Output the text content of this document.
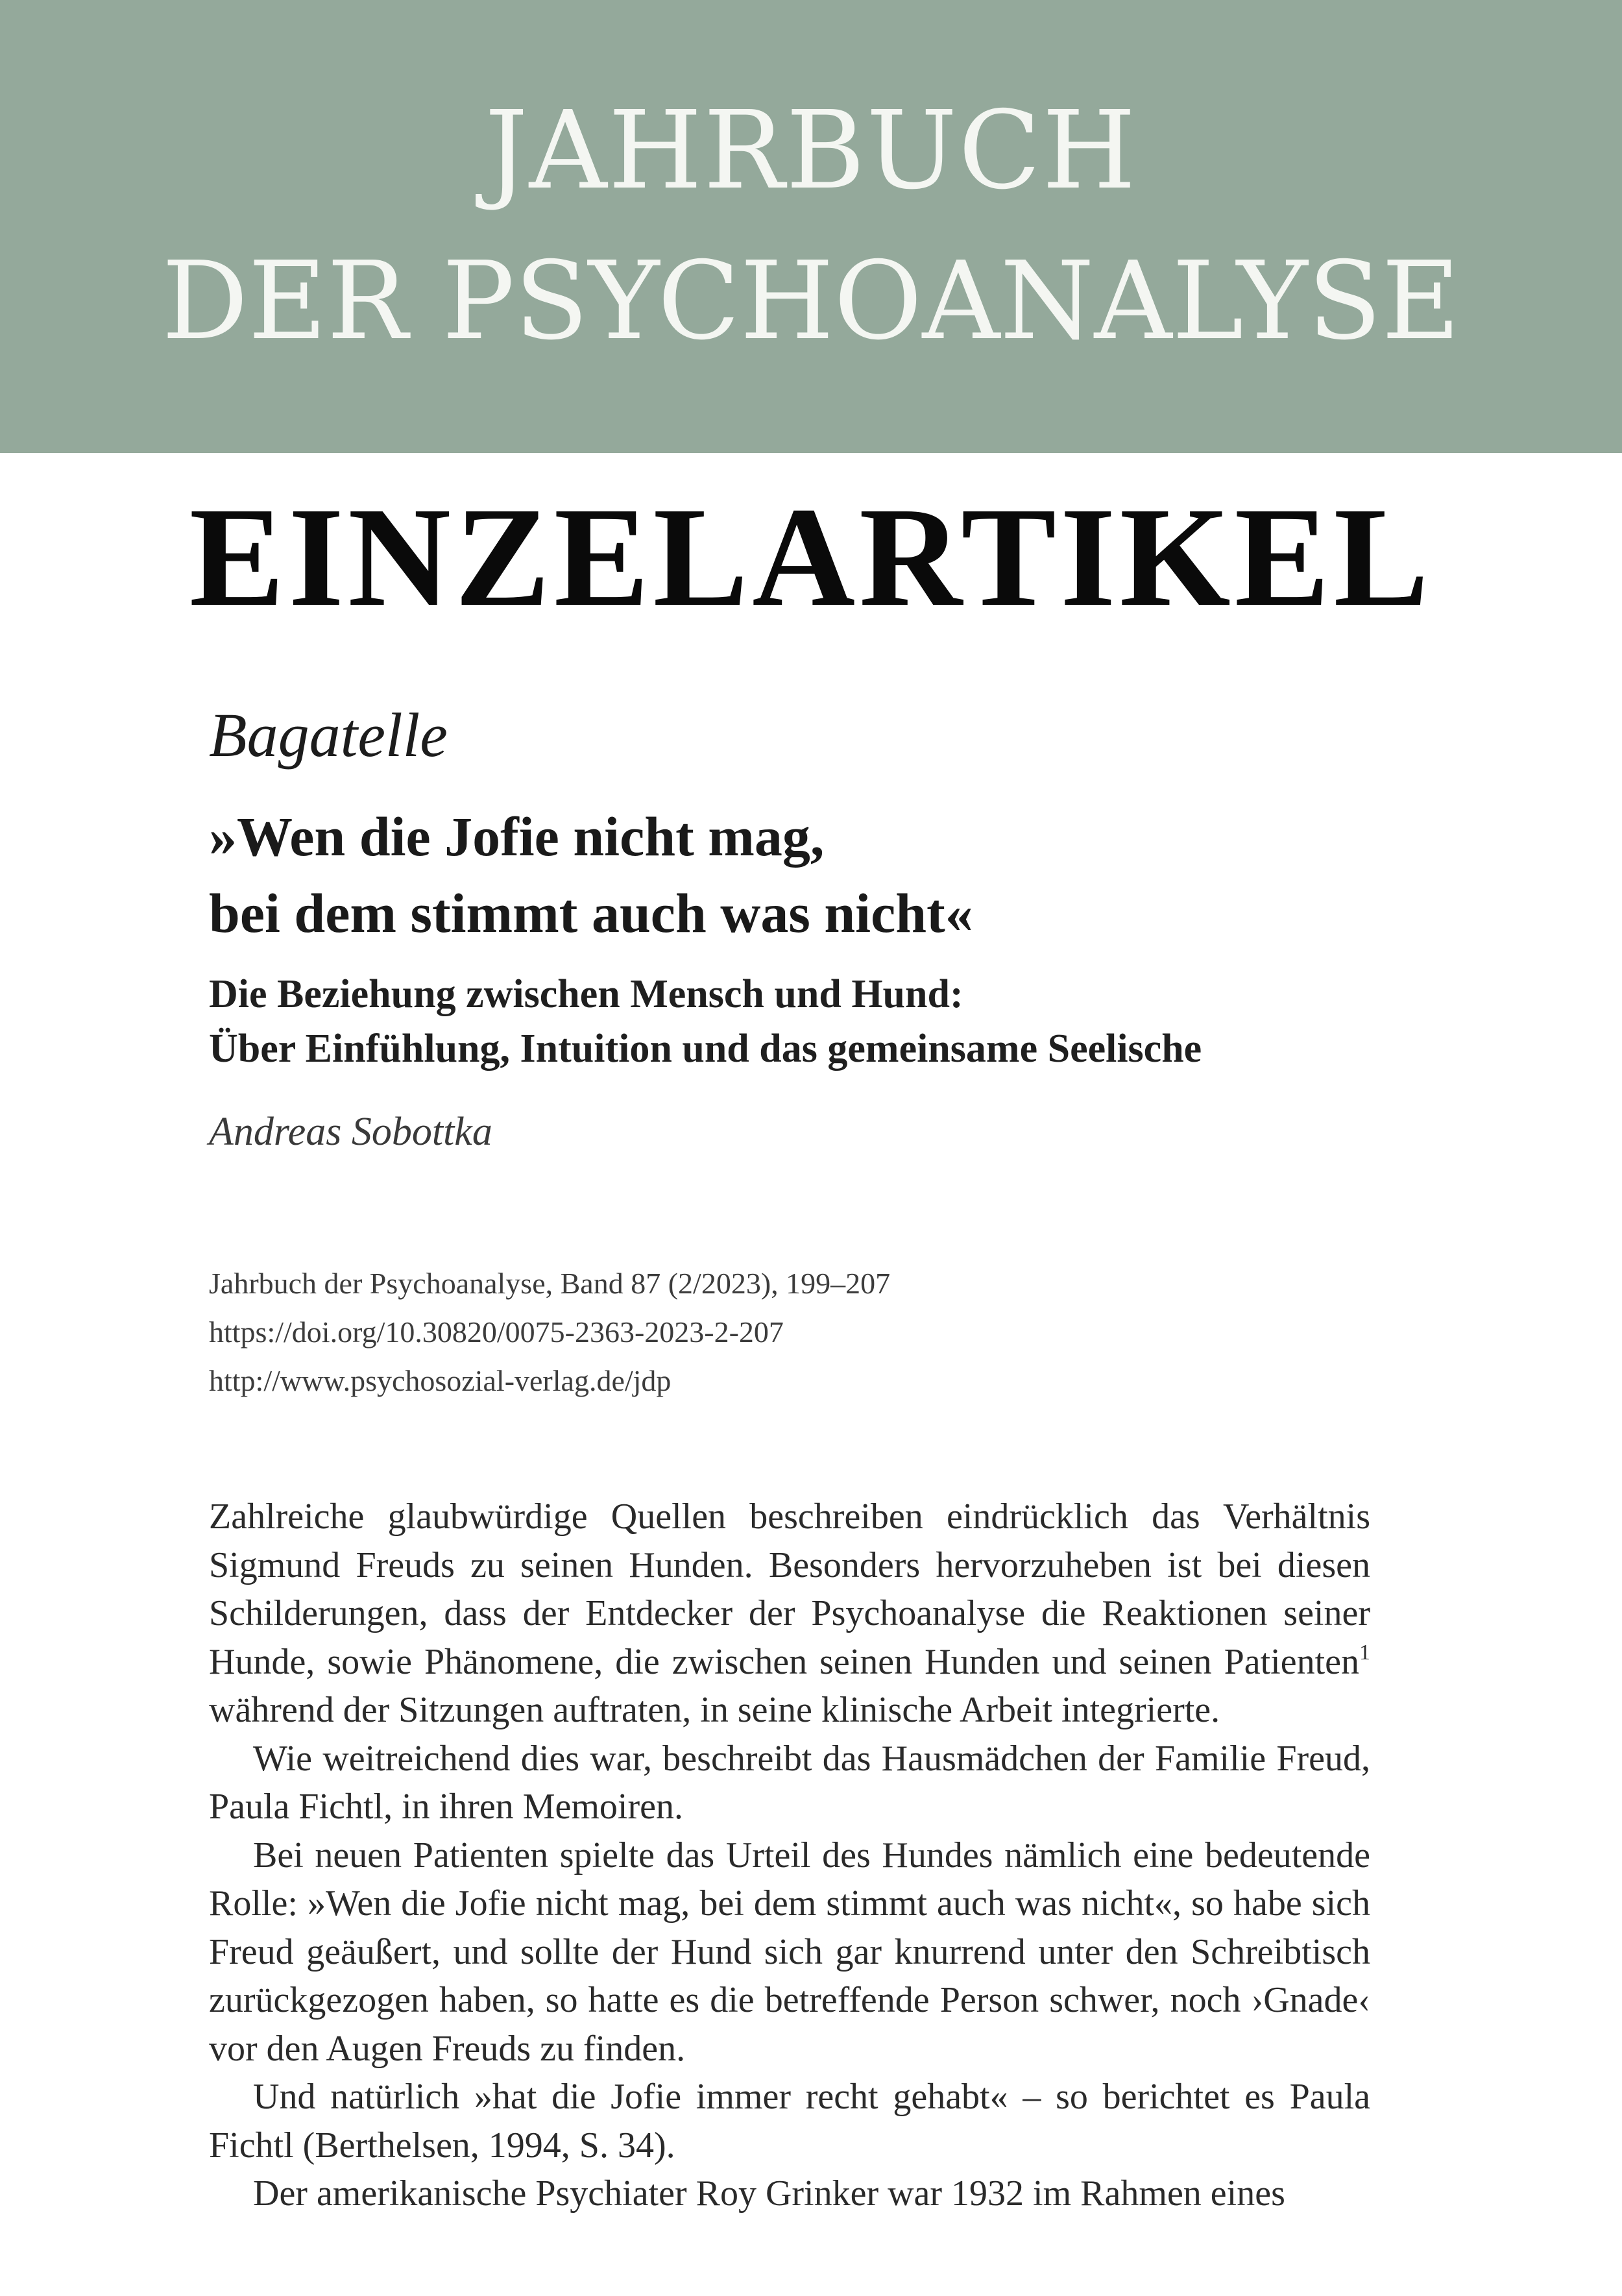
JAHRBUCH
DER PSYCHOANALYSE
EINZELARTIKEL
Bagatelle
»Wen die Jofie nicht mag,
bei dem stimmt auch was nicht«
Die Beziehung zwischen Mensch und Hund:
Über Einfühlung, Intuition und das gemeinsame Seelische
Andreas Sobottka
Jahrbuch der Psychoanalyse, Band 87 (2/2023), 199–207
https://doi.org/10.30820/0075-2363-2023-2-207
http://www.psychosozial-verlag.de/jdp

Zahlreiche glaubwürdige Quellen beschreiben eindrücklich das Verhältnis Sigmund Freuds zu seinen Hunden. Besonders hervorzuheben ist bei diesen Schilderungen, dass der Entdecker der Psychoanalyse die Reaktionen seiner Hunde, sowie Phänomene, die zwischen seinen Hunden und seinen Patienten$^1$ während der Sitzungen auftraten, in seine klinische Arbeit integrierte.

Wie weitreichend dies war, beschreibt das Hausmädchen der Familie Freud, Paula Fichtl, in ihren Memoiren.

Bei neuen Patienten spielte das Urteil des Hundes nämlich eine bedeutende Rolle: »Wen die Jofie nicht mag, bei dem stimmt auch was nicht«, so habe sich Freud geäußert, und sollte der Hund sich gar knurrend unter den Schreibtisch zurückgezogen haben, so hatte es die betreffende Person schwer, noch ›Gnade‹ vor den Augen Freuds zu finden.

Und natürlich »hat die Jofie immer recht gehabt« – so berichtet es Paula Fichtl (Berthelsen, 1994, S. 34).

Der amerikanische Psychiater Roy Grinker war 1932 im Rahmen eines
